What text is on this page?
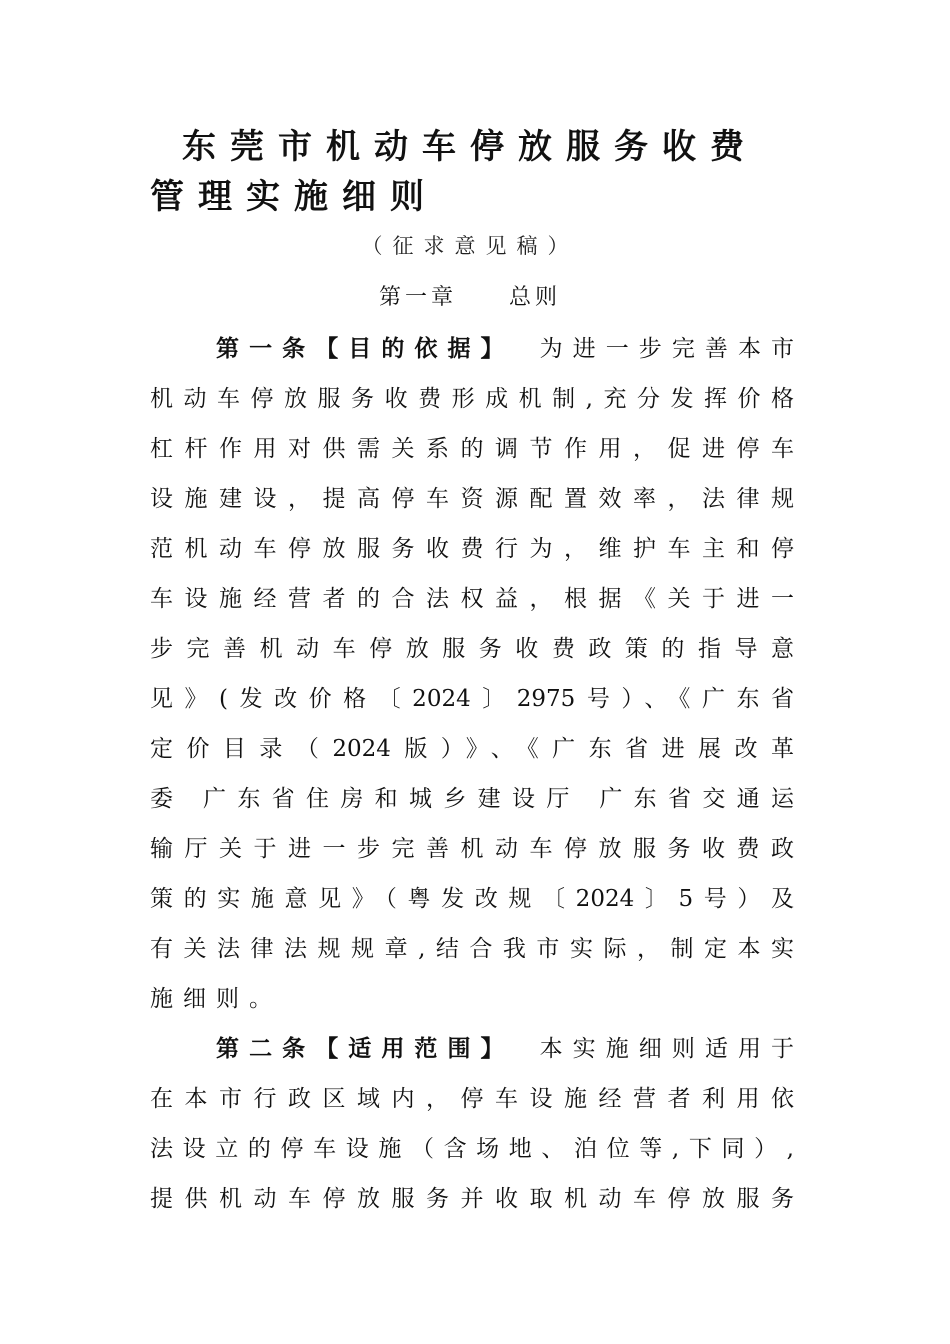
东莞市机动车停放服务收费
管理实施细则
（征求意见稿）
第一章 总则
第一条【目的依据】 为进一步完善本市
机动车停放服务收费形成机制,充分发挥价格
杠杆作用对供需关系的调节作用，促进停车
设施建设，提高停车资源配置效率，法律规
范机动车停放服务收费行为，维护车主和停
车设施经营者的合法权益，根据《关于进一
步完善机动车停放服务收费政策的指导意
见》(发改价格〔2024〕2975号）、《广东省
定价目录（2024版）》、《广东省进展改革
委 广东省住房和城乡建设厅 广东省交通运
输厅关于进一步完善机动车停放服务收费政
策的实施意见》（粤发改规〔2024〕5号）及
有关法律法规规章,结合我市实际，制定本实
施细则。
第二条【适用范围】 本实施细则适用于
在本市行政区域内，停车设施经营者利用依
法设立的停车设施（含场地、泊位等,下同）,
提供机动车停放服务并收取机动车停放服务
